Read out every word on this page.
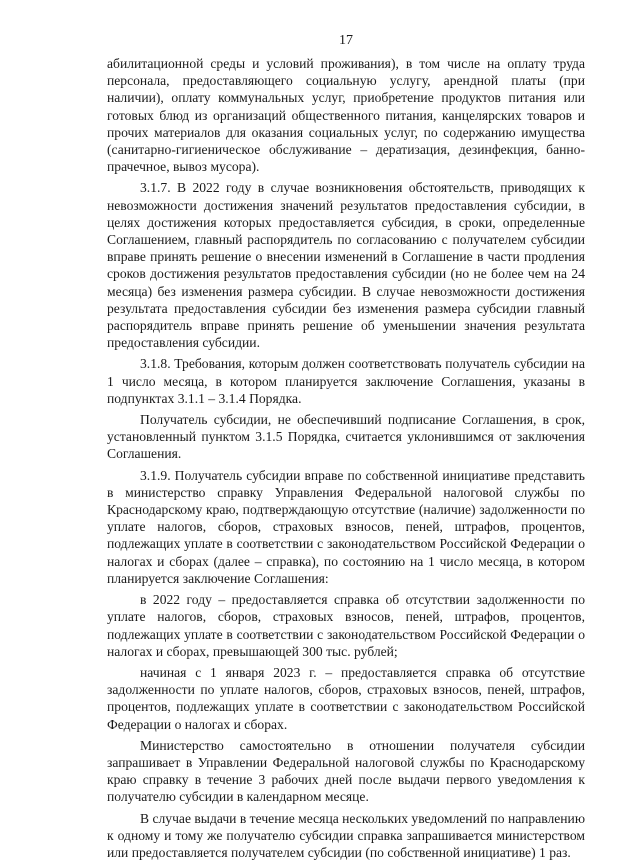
17

абилитационной среды и условий проживания), в том числе на оплату труда персонала, предоставляющего социальную услугу, арендной платы (при наличии), оплату коммунальных услуг, приобретение продуктов питания или готовых блюд из организаций общественного питания, канцелярских товаров и прочих материалов для оказания социальных услуг, по содержанию имущества (санитарно-гигиеническое обслуживание – дератизация, дезинфекция, банно-прачечное, вывоз мусора).

3.1.7. В 2022 году в случае возникновения обстоятельств, приводящих к невозможности достижения значений результатов предоставления субсидии, в целях достижения которых предоставляется субсидия, в сроки, определенные Соглашением, главный распорядитель по согласованию с получателем субсидии вправе принять решение о внесении изменений в Соглашение в части продления сроков достижения результатов предоставления субсидии (но не более чем на 24 месяца) без изменения размера субсидии. В случае невозможности достижения результата предоставления субсидии без изменения размера субсидии главный распорядитель вправе принять решение об уменьшении значения результата предоставления субсидии.

3.1.8. Требования, которым должен соответствовать получатель субсидии на 1 число месяца, в котором планируется заключение Соглашения, указаны в подпунктах 3.1.1 – 3.1.4 Порядка.

Получатель субсидии, не обеспечивший подписание Соглашения, в срок, установленный пунктом 3.1.5 Порядка, считается уклонившимся от заключения Соглашения.

3.1.9. Получатель субсидии вправе по собственной инициативе представить в министерство справку Управления Федеральной налоговой службы по Краснодарскому краю, подтверждающую отсутствие (наличие) задолженности по уплате налогов, сборов, страховых взносов, пеней, штрафов, процентов, подлежащих уплате в соответствии с законодательством Российской Федерации о налогах и сборах (далее – справка), по состоянию на 1 число месяца, в котором планируется заключение Соглашения:

в 2022 году – предоставляется справка об отсутствии задолженности по уплате налогов, сборов, страховых взносов, пеней, штрафов, процентов, подлежащих уплате в соответствии с законодательством Российской Федерации о налогах и сборах, превышающей 300 тыс. рублей;

начиная с 1 января 2023 г. – предоставляется справка об отсутствие задолженности по уплате налогов, сборов, страховых взносов, пеней, штрафов, процентов, подлежащих уплате в соответствии с законодательством Российской Федерации о налогах и сборах.

Министерство самостоятельно в отношении получателя субсидии запрашивает в Управлении Федеральной налоговой службы по Краснодарскому краю справку в течение 3 рабочих дней после выдачи первого уведомления к получателю субсидии в календарном месяце.

В случае выдачи в течение месяца нескольких уведомлений по направлению к одному и тому же получателю субсидии справка запрашивается министерством или предоставляется получателем субсидии (по собственной инициативе) 1 раз.
